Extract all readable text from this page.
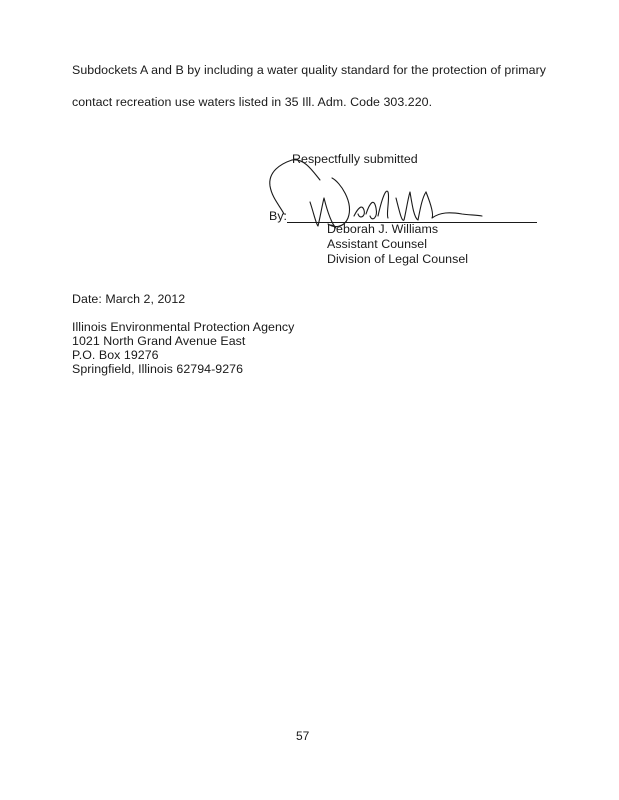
Subdockets A and B by including a water quality standard for the protection of primary
contact recreation use waters listed in 35 Ill. Adm. Code 303.220.
Respectfully submitted
By:
Deborah J. Williams
Assistant Counsel
Division of Legal Counsel
Date: March 2, 2012
Illinois Environmental Protection Agency
1021 North Grand Avenue East
P.O. Box 19276
Springfield, Illinois 62794-9276
57
